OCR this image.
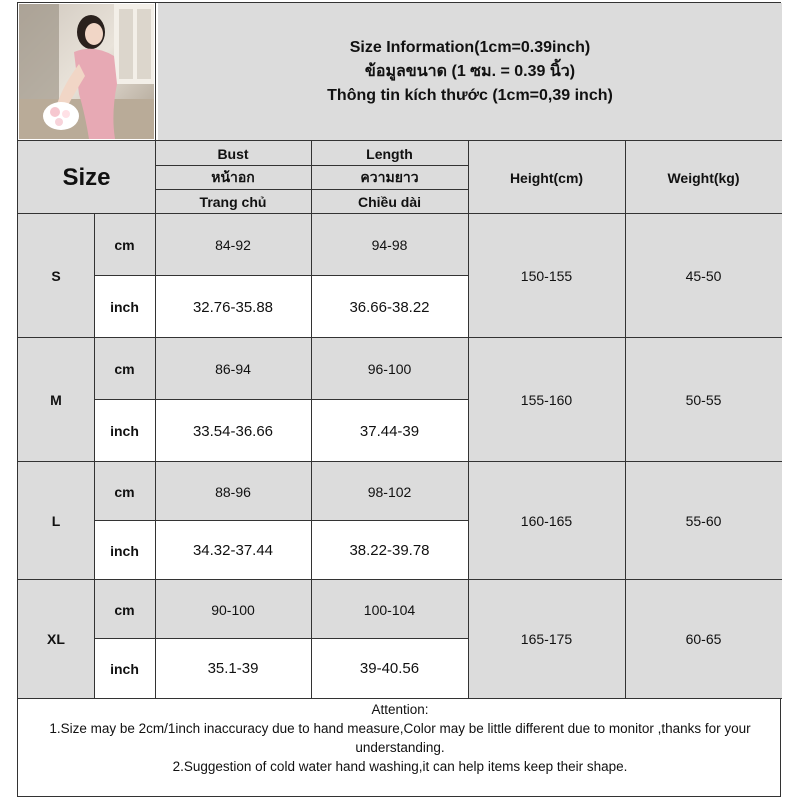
Size Information(1cm=0.39inch)
ข้อมูลขนาด (1 ซม. = 0.39 นิ้ว)
Thông tin kích thước (1cm=0,39 inch)
Size
Bust
หน้าอก
Trang chủ
Length
ความยาว
Chiều dài
Height(cm)	Weight(kg)
S
cm	84-92	94-98
inch	32.76-35.88	36.66-38.22
150-155	45-50
M
cm	86-94	96-100
inch	33.54-36.66	37.44-39
155-160	50-55
L
cm	88-96	98-102
inch	34.32-37.44	38.22-39.78
160-165	55-60
XL
cm	90-100	100-104
inch	35.1-39	39-40.56
165-175	60-65
Attention:
1.Size may be 2cm/1inch inaccuracy due to hand measure,Color may be little different due to monitor ,thanks for your understanding.
2.Suggestion of cold water hand washing,it can help items keep their shape.
